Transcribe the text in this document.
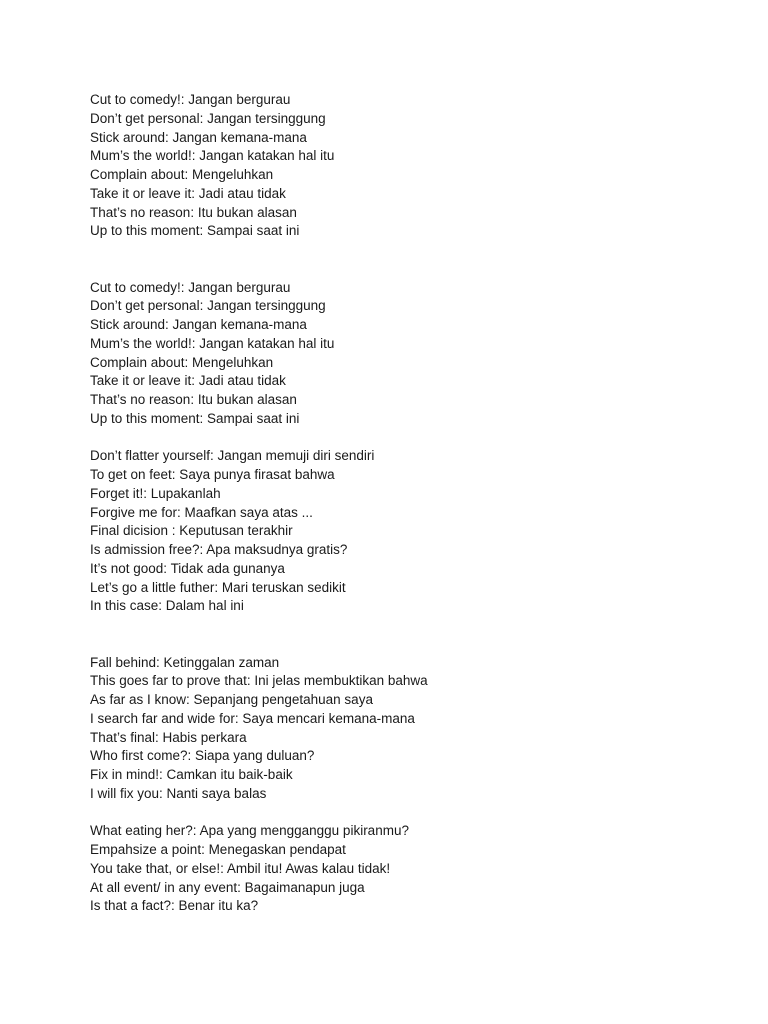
Cut to comedy!: Jangan bergurau
Don’t get personal: Jangan tersinggung
Stick around: Jangan kemana-mana
Mum’s the world!: Jangan katakan hal itu
Complain about: Mengeluhkan
Take it or leave it: Jadi atau tidak
That’s no reason: Itu bukan alasan
Up to this moment: Sampai saat ini
Cut to comedy!: Jangan bergurau
Don’t get personal: Jangan tersinggung
Stick around: Jangan kemana-mana
Mum’s the world!: Jangan katakan hal itu
Complain about: Mengeluhkan
Take it or leave it: Jadi atau tidak
That’s no reason: Itu bukan alasan
Up to this moment: Sampai saat ini
Don’t flatter yourself: Jangan memuji diri sendiri
To get on feet: Saya punya firasat bahwa
Forget it!: Lupakanlah
Forgive me for: Maafkan saya atas ...
Final dicision : Keputusan terakhir
Is admission free?: Apa maksudnya gratis?
It’s not good: Tidak ada gunanya
Let’s go a little futher: Mari teruskan sedikit
In this case: Dalam hal ini
Fall behind: Ketinggalan zaman
This goes far to prove that: Ini jelas membuktikan bahwa
As far as I know: Sepanjang pengetahuan saya
I search far and wide for: Saya mencari kemana-mana
That’s final: Habis perkara
Who first come?: Siapa yang duluan?
Fix in mind!: Camkan itu baik-baik
I will fix you: Nanti saya balas
What eating her?: Apa yang mengganggu pikiranmu?
Empahsize a point: Menegaskan pendapat
You take that, or else!: Ambil itu! Awas kalau tidak!
At all event/ in any event: Bagaimanapun juga
Is that a fact?: Benar itu ka?
